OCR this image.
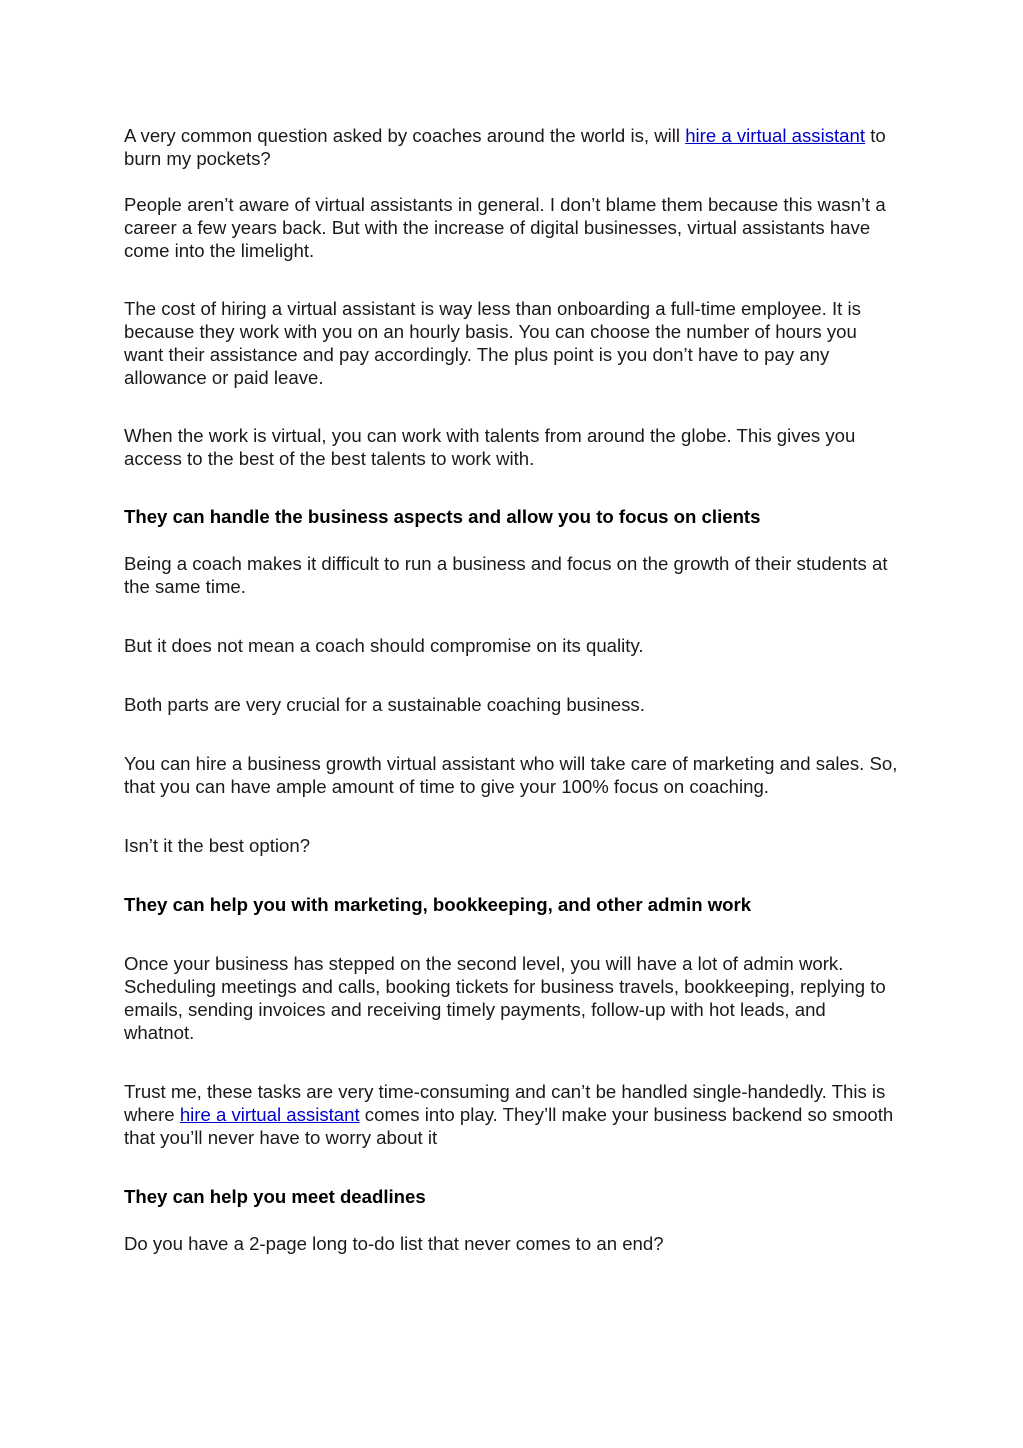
A very common question asked by coaches around the world is, will hire a virtual assistant to burn my pockets?

People aren’t aware of virtual assistants in general. I don’t blame them because this wasn’t a career a few years back. But with the increase of digital businesses, virtual assistants have come into the limelight.

The cost of hiring a virtual assistant is way less than onboarding a full-time employee. It is because they work with you on an hourly basis. You can choose the number of hours you want their assistance and pay accordingly. The plus point is you don’t have to pay any allowance or paid leave.

When the work is virtual, you can work with talents from around the globe. This gives you access to the best of the best talents to work with.

They can handle the business aspects and allow you to focus on clients

Being a coach makes it difficult to run a business and focus on the growth of their students at the same time.

But it does not mean a coach should compromise on its quality.

Both parts are very crucial for a sustainable coaching business.

You can hire a business growth virtual assistant who will take care of marketing and sales. So, that you can have ample amount of time to give your 100% focus on coaching.

Isn’t it the best option?

They can help you with marketing, bookkeeping, and other admin work

Once your business has stepped on the second level, you will have a lot of admin work. Scheduling meetings and calls, booking tickets for business travels, bookkeeping, replying to emails, sending invoices and receiving timely payments, follow-up with hot leads, and whatnot.

Trust me, these tasks are very time-consuming and can’t be handled single-handedly. This is where hire a virtual assistant comes into play. They’ll make your business backend so smooth that you’ll never have to worry about it

They can help you meet deadlines

Do you have a 2-page long to-do list that never comes to an end?
